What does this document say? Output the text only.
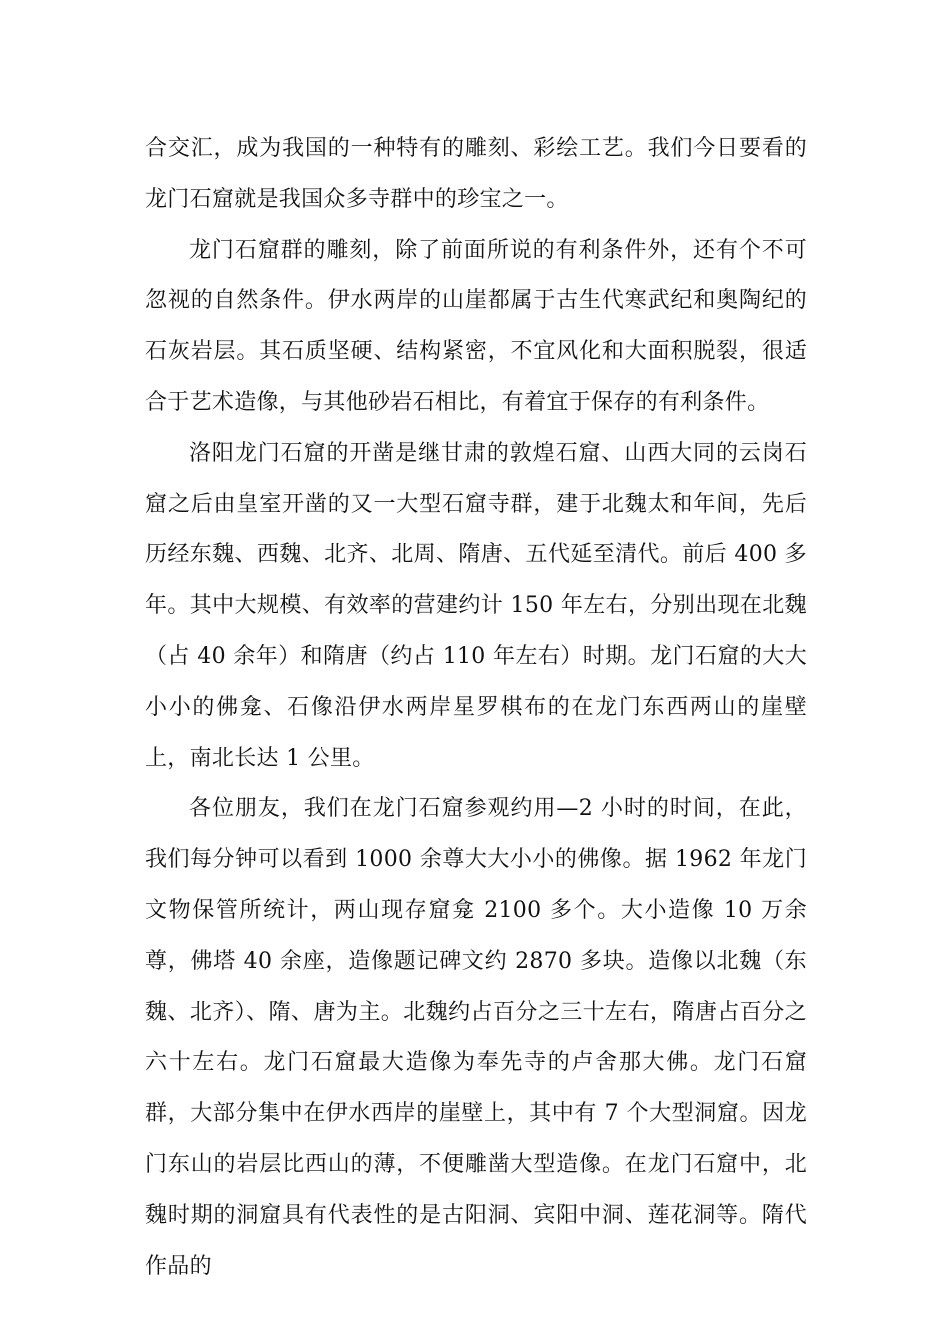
合交汇，成为我国的一种特有的雕刻、彩绘工艺。我们今日要看的龙门石窟就是我国众多寺群中的珍宝之一。

龙门石窟群的雕刻，除了前面所说的有利条件外，还有个不可忽视的自然条件。伊水两岸的山崖都属于古生代寒武纪和奥陶纪的石灰岩层。其石质坚硬、结构紧密，不宜风化和大面积脱裂，很适合于艺术造像，与其他砂岩石相比，有着宜于保存的有利条件。

洛阳龙门石窟的开凿是继甘肃的敦煌石窟、山西大同的云岗石窟之后由皇室开凿的又一大型石窟寺群，建于北魏太和年间，先后历经东魏、西魏、北齐、北周、隋唐、五代延至清代。前后 400 多年。其中大规模、有效率的营建约计 150 年左右，分别出现在北魏（占 40 余年）和隋唐（约占 110 年左右）时期。龙门石窟的大大小小的佛龛、石像沿伊水两岸星罗棋布的在龙门东西两山的崖壁上，南北长达 1 公里。

各位朋友，我们在龙门石窟参观约用—2 小时的时间，在此，我们每分钟可以看到 1000 余尊大大小小的佛像。据 1962 年龙门文物保管所统计，两山现存窟龛 2100 多个。大小造像 10 万余尊，佛塔 40 余座，造像题记碑文约 2870 多块。造像以北魏（东魏、北齐）、隋、唐为主。北魏约占百分之三十左右，隋唐占百分之六十左右。龙门石窟最大造像为奉先寺的卢舍那大佛。龙门石窟群，大部分集中在伊水西岸的崖壁上，其中有 7 个大型洞窟。因龙门东山的岩层比西山的薄，不便雕凿大型造像。在龙门石窟中，北魏时期的洞窟具有代表性的是古阳洞、宾阳中洞、莲花洞等。隋代作品的
